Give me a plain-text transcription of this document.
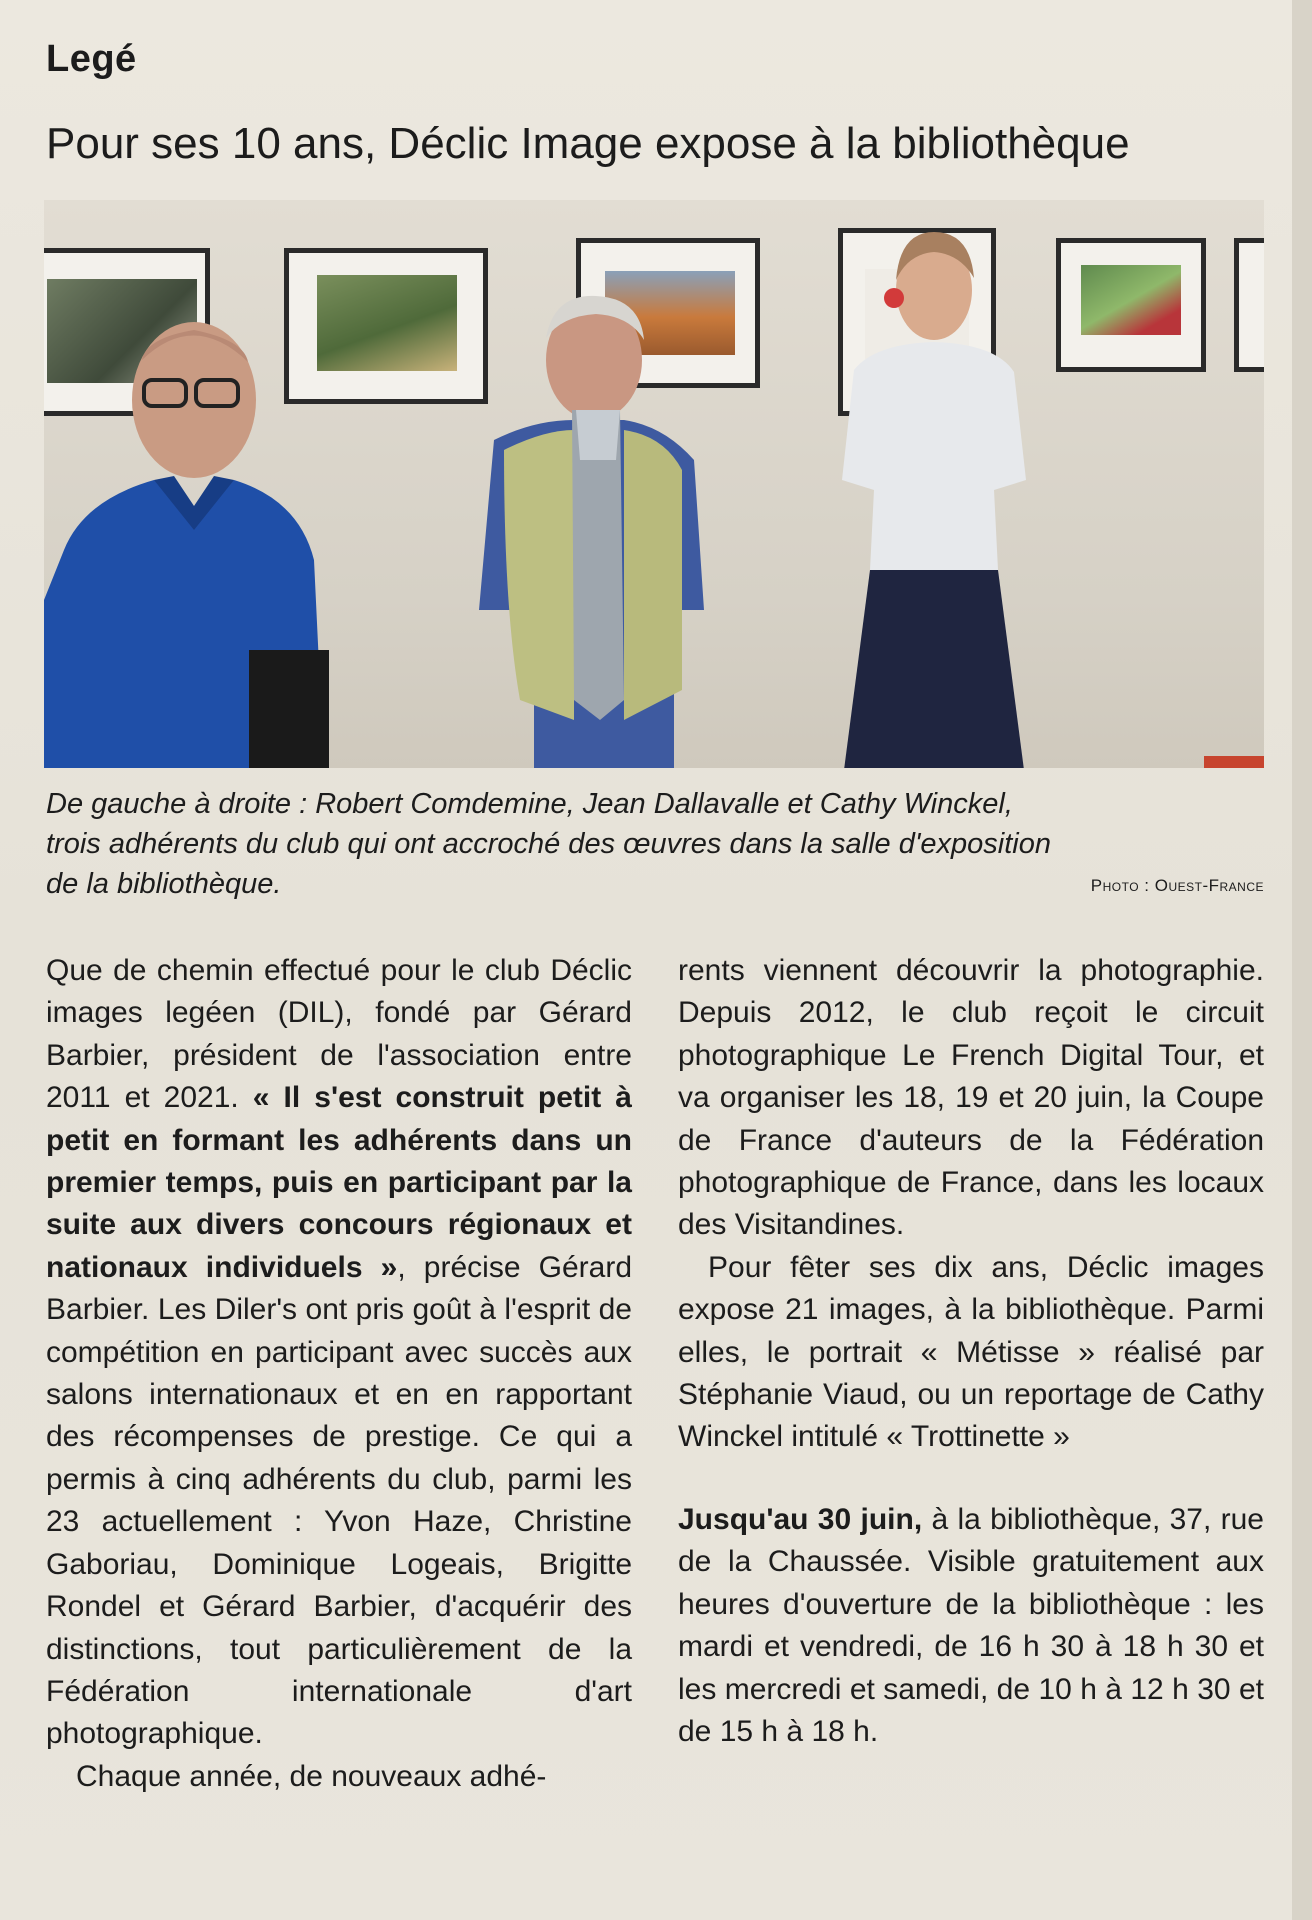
Legé
Pour ses 10 ans, Déclic Image expose à la bibliothèque
De gauche à droite : Robert Comdemine, Jean Dallavalle et Cathy Winckel,
trois adhérents du club qui ont accroché des œuvres dans la salle d'exposition
de la bibliothèque.	Photo : Ouest-France

Que de chemin effectué pour le club Déclic images legéen (DIL), fondé par Gérard Barbier, président de l'association entre 2011 et 2021. « Il s'est construit petit à petit en formant les adhérents dans un premier temps, puis en participant par la suite aux divers concours régionaux et nationaux individuels », précise Gérard Barbier. Les Diler's ont pris goût à l'esprit de compétition en participant avec succès aux salons internationaux et en en rapportant des récompenses de prestige. Ce qui a permis à cinq adhérents du club, parmi les 23 actuellement : Yvon Haze, Christine Gaboriau, Dominique Logeais, Brigitte Rondel et Gérard Barbier, d'acquérir des distinctions, tout particulièrement de la Fédération internationale d'art photographique.

Chaque année, de nouveaux adhé-

rents viennent découvrir la photographie. Depuis 2012, le club reçoit le circuit photographique Le French Digital Tour, et va organiser les 18, 19 et 20 juin, la Coupe de France d'auteurs de la Fédération photographique de France, dans les locaux des Visitandines.

Pour fêter ses dix ans, Déclic images expose 21 images, à la bibliothèque. Parmi elles, le portrait « Métisse » réalisé par Stéphanie Viaud, ou un reportage de Cathy Winckel intitulé « Trottinette »

Jusqu'au 30 juin, à la bibliothèque, 37, rue de la Chaussée. Visible gratuitement aux heures d'ouverture de la bibliothèque : les mardi et vendredi, de 16 h 30 à 18 h 30 et les mercredi et samedi, de 10 h à 12 h 30 et de 15 h à 18 h.
